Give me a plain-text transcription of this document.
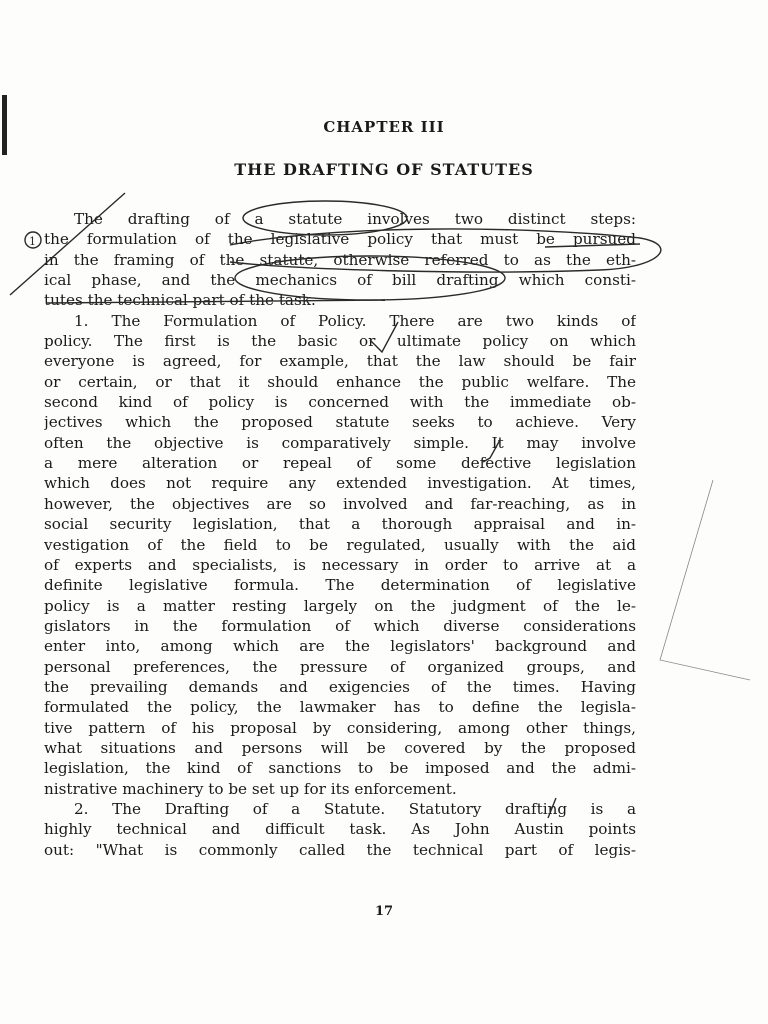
CHAPTER III
THE DRAFTING OF STATUTES
The drafting of a statute involves two distinct steps:
the formulation of the legislative policy that must be pursued
in the framing of the statute, otherwise referred to as the eth-
ical phase, and the mechanics of bill drafting which consti-
tutes the technical part of the task.
1. The Formulation of Policy. There are two kinds of
policy. The first is the basic or ultimate policy on which
everyone is agreed, for example, that the law should be fair
or certain, or that it should enhance the public welfare. The
second kind of policy is concerned with the immediate ob-
jectives which the proposed statute seeks to achieve. Very
often the objective is comparatively simple. It may involve
a mere alteration or repeal of some defective legislation
which does not require any extended investigation. At times,
however, the objectives are so involved and far-reaching, as in
social security legislation, that a thorough appraisal and in-
vestigation of the field to be regulated, usually with the aid
of experts and specialists, is necessary in order to arrive at a
definite legislative formula. The determination of legislative
policy is a matter resting largely on the judgment of the le-
gislators in the formulation of which diverse considerations
enter into, among which are the legislators' background and
personal preferences, the pressure of organized groups, and
the prevailing demands and exigencies of the times. Having
formulated the policy, the lawmaker has to define the legisla-
tive pattern of his proposal by considering, among other things,
what situations and persons will be covered by the proposed
legislation, the kind of sanctions to be imposed and the admi-
nistrative machinery to be set up for its enforcement.
2. The Drafting of a Statute. Statutory drafting is a
highly technical and difficult task. As John Austin points
out: "What is commonly called the technical part of legis-
17
1
